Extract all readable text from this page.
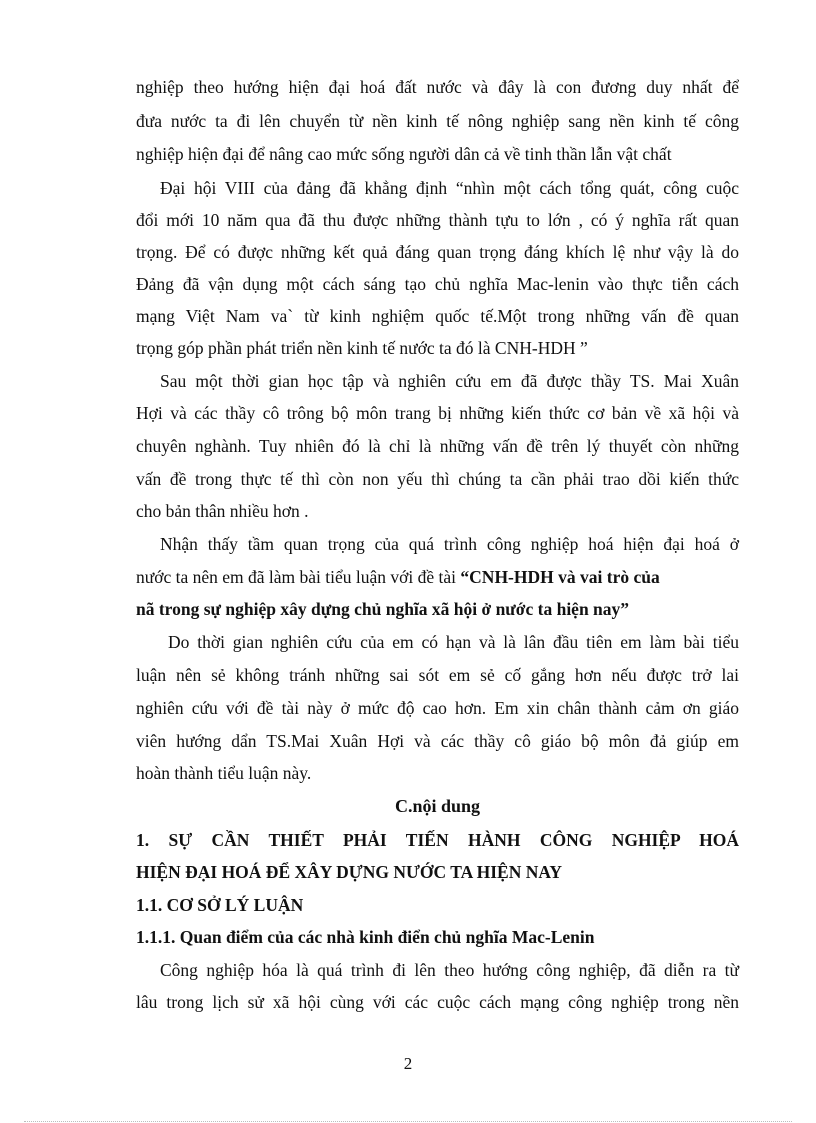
nghiệp theo hướng hiện đại hoá đất nước và đây là con đương duy nhất để
đưa nước ta đi lên chuyển từ nền kinh tế nông nghiệp sang nền kinh tế công
nghiệp hiện đại để nâng cao mức sống người dân cả về tinh thần lẫn vật chất
Đại hội VIII của đảng đã khẳng định “nhìn một cách tổng quát, công cuộc
đổi mới 10 năm qua đã thu được những thành tựu to lớn , có ý nghĩa rất quan
trọng. Để có được những kết quả đáng quan trọng đáng khích lệ như vậy là do
Đảng đã vận dụng một cách sáng tạo chủ nghĩa Mac-lenin vào thực tiễn cách
mạng Việt Nam va` từ kinh nghiệm quốc tế.Một trong những vấn đề quan
trọng góp phần phát triển nền kinh tế nước ta đó là CNH-HDH ”
Sau một thời gian học tập và nghiên cứu em đã được thầy TS. Mai Xuân
Hợi và các thầy cô trông bộ môn trang bị những kiến thức cơ bản về xã hội và
chuyên nghành. Tuy nhiên đó là chỉ là những vấn đề trên lý thuyết còn những
vấn đề trong thực tế thì còn non yếu thì chúng ta cần phải trao dồi kiến thức
cho bản thân nhiều hơn .
Nhận thấy tầm quan trọng của quá trình công nghiệp hoá hiện đại hoá ở
nước ta nên em đã làm bài tiểu luận với đề tài “CNH-HDH và vai trò của
nã trong sự nghiệp xây dựng chủ nghĩa xã hội ở nước ta hiện nay”
Do thời gian nghiên cứu của em có hạn và là lân đầu tiên em làm bài tiểu
luận nên sẻ không tránh những sai sót em sẻ cố gắng hơn nếu được trở lai
nghiên cứu với đề tài này ở mức độ cao hơn. Em xin chân thành cảm ơn giáo
viên hướng dẩn TS.Mai Xuân Hợi và các thầy cô giáo bộ môn đả giúp em
hoàn thành tiểu luận này.
C.nội dung
1. SỰ CẦN THIẾT PHẢI TIẾN HÀNH CÔNG NGHIỆP HOÁ
HIỆN ĐẠI HOÁ ĐỂ XÂY DỰNG NƯỚC TA HIỆN NAY
1.1. CƠ SỞ LÝ LUẬN
1.1.1. Quan điểm của các nhà kinh điển chủ nghĩa Mac-Lenin
Công nghiệp hóa là quá trình đi lên theo hướng công nghiệp, đã diễn ra từ
lâu trong lịch sử xã hội cùng với các cuộc cách mạng công nghiệp trong nền
2
